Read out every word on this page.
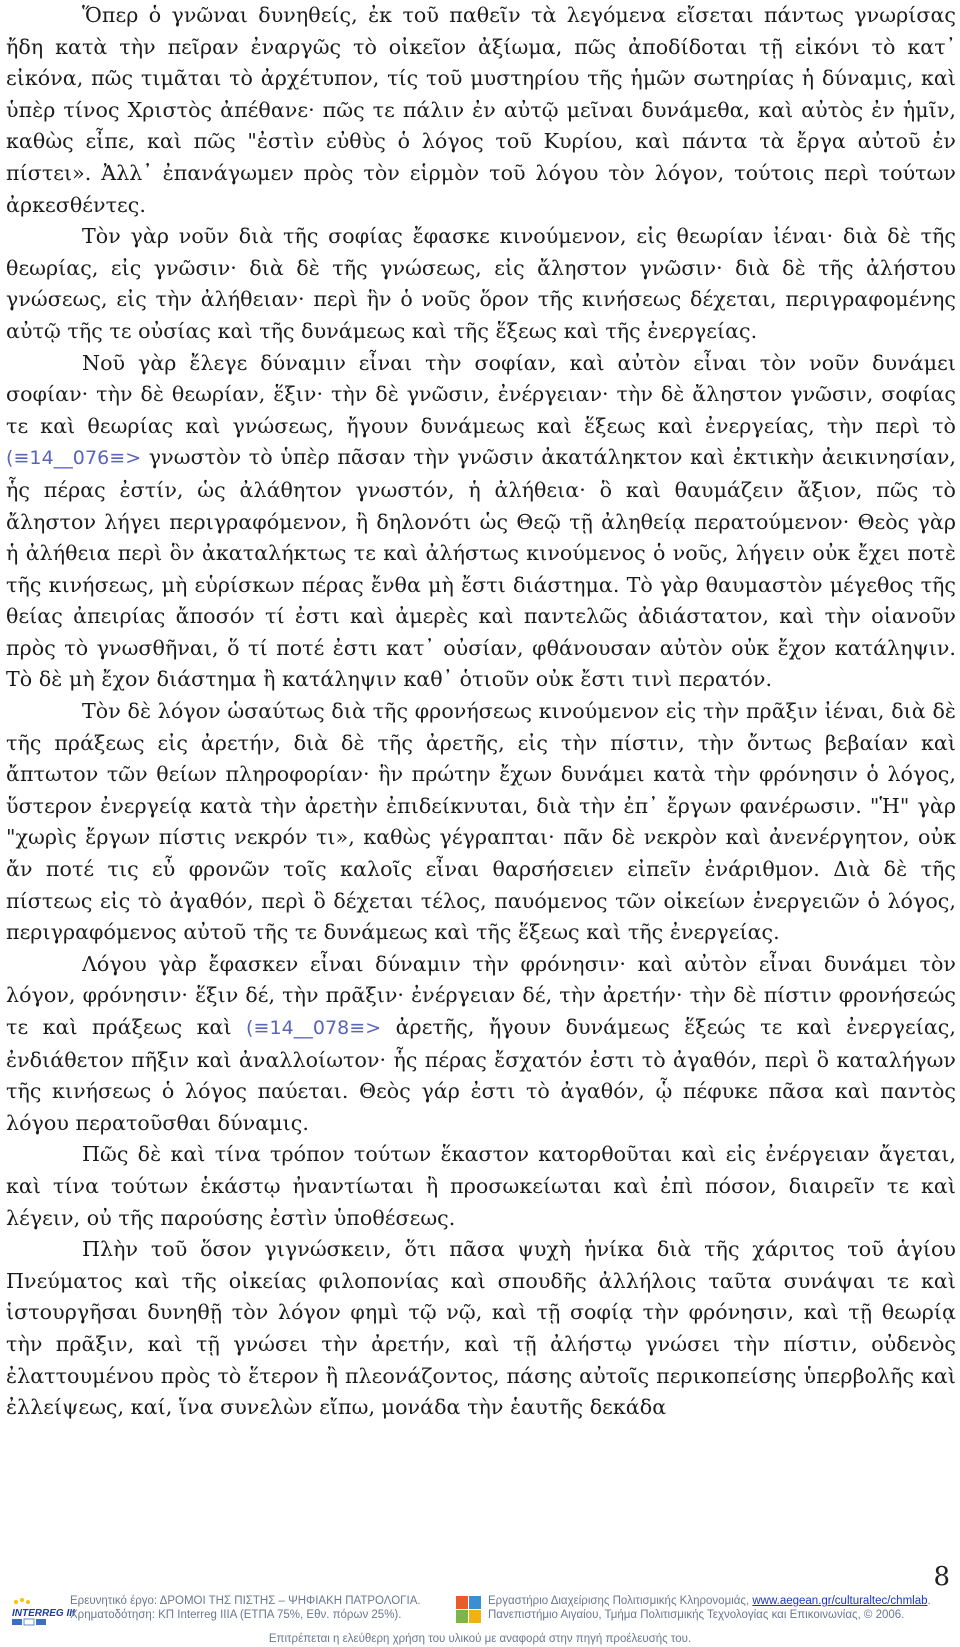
Ὅπερ ὁ γνῶναι δυνηθείς, ἐκ τοῦ παθεῖν τὰ λεγόμενα εἴσεται πάντως γνωρίσας ἤδη κατὰ τὴν πεῖραν ἐναργῶς τὸ οἰκεῖον ἀξίωμα, πῶς ἀποδίδοται τῇ εἰκόνι τὸ κατ᾽ εἰκόνα, πῶς τιμᾶται τὸ ἀρχέτυπον, τίς τοῦ μυστηρίου τῆς ἡμῶν σωτηρίας ἡ δύναμις, καὶ ὑπὲρ τίνος Χριστὸς ἀπέθανε· πῶς τε πάλιν ἐν αὐτῷ μεῖναι δυνάμεθα, καὶ αὐτὸς ἐν ἡμῖν, καθὼς εἶπε, καὶ πῶς "ἐστὶν εὐθὺς ὁ λόγος τοῦ Κυρίου, καὶ πάντα τὰ ἔργα αὐτοῦ ἐν πίστει». Ἀλλ᾽ ἐπανάγωμεν πρὸς τὸν εἱρμὸν τοῦ λόγου τὸν λόγον, τούτοις περὶ τούτων ἀρκεσθέντες.

Τὸν γὰρ νοῦν διὰ τῆς σοφίας ἔφασκε κινούμενον, εἰς θεωρίαν ἰέναι· διὰ δὲ τῆς θεωρίας, εἰς γνῶσιν· διὰ δὲ τῆς γνώσεως, εἰς ἄληστον γνῶσιν· διὰ δὲ τῆς ἀλήστου γνώσεως, εἰς τὴν ἀλήθειαν· περὶ ἣν ὁ νοῦς ὅρον τῆς κινήσεως δέχεται, περιγραφομένης αὐτῷ τῆς τε οὐσίας καὶ τῆς δυνάμεως καὶ τῆς ἕξεως καὶ τῆς ἐνεργείας.

Νοῦ γὰρ ἔλεγε δύναμιν εἶναι τὴν σοφίαν, καὶ αὐτὸν εἶναι τὸν νοῦν δυνάμει σοφίαν· τὴν δὲ θεωρίαν, ἕξιν· τὴν δὲ γνῶσιν, ἐνέργειαν· τὴν δὲ ἄληστον γνῶσιν, σοφίας τε καὶ θεωρίας καὶ γνώσεως, ἤγουν δυνάμεως καὶ ἕξεως καὶ ἐνεργείας, τὴν περὶ τὸ (≡14__076≡> γνωστὸν τὸ ὑπὲρ πᾶσαν τὴν γνῶσιν ἀκατάληκτον καὶ ἐκτικὴν ἀεικινησίαν, ἧς πέρας ἐστίν, ὡς ἀλάθητον γνωστόν, ἡ ἀλήθεια· ὃ καὶ θαυμάζειν ἄξιον, πῶς τὸ ἄληστον λήγει περιγραφόμενον, ἢ δηλονότι ὡς Θεῷ τῇ ἀληθείᾳ περατούμενον· Θεὸς γὰρ ἡ ἀλήθεια περὶ ὃν ἀκαταλήκτως τε καὶ ἀλήστως κινούμενος ὁ νοῦς, λήγειν οὐκ ἔχει ποτὲ τῆς κινήσεως, μὴ εὑρίσκων πέρας ἔνθα μὴ ἔστι διάστημα. Τὸ γὰρ θαυμαστὸν μέγεθος τῆς θείας ἀπειρίας ἄποσόν τί ἐστι καὶ ἀμερὲς καὶ παντελῶς ἀδιάστατον, καὶ τὴν οἱανοῦν πρὸς τὸ γνωσθῆναι, ὅ τί ποτέ ἐστι κατ᾽ οὐσίαν, φθάνουσαν αὐτὸν οὐκ ἔχον κατάληψιν. Τὸ δὲ μὴ ἔχον διάστημα ἢ κατάληψιν καθ᾽ ὁτιοῦν οὐκ ἔστι τινὶ περατόν.

Τὸν δὲ λόγον ὡσαύτως διὰ τῆς φρονήσεως κινούμενον εἰς τὴν πρᾶξιν ἰέναι, διὰ δὲ τῆς πράξεως εἰς ἀρετήν, διὰ δὲ τῆς ἀρετῆς, εἰς τὴν πίστιν, τὴν ὄντως βεβαίαν καὶ ἄπτωτον τῶν θείων πληροφορίαν· ἣν πρώτην ἔχων δυνάμει κατὰ τὴν φρόνησιν ὁ λόγος, ὕστερον ἐνεργείᾳ κατὰ τὴν ἀρετὴν ἐπιδείκνυται, διὰ τὴν ἐπ᾽ ἔργων φανέρωσιν. "Ἡ" γὰρ "χωρὶς ἔργων πίστις νεκρόν τι», καθὼς γέγραπται· πᾶν δὲ νεκρὸν καὶ ἀνενέργητον, οὐκ ἄν ποτέ τις εὖ φρονῶν τοῖς καλοῖς εἶναι θαρσήσειεν εἰπεῖν ἐνάριθμον. Διὰ δὲ τῆς πίστεως εἰς τὸ ἀγαθόν, περὶ ὃ δέχεται τέλος, παυόμενος τῶν οἰκείων ἐνεργειῶν ὁ λόγος, περιγραφόμενος αὐτοῦ τῆς τε δυνάμεως καὶ τῆς ἕξεως καὶ τῆς ἐνεργείας.

Λόγου γὰρ ἔφασκεν εἶναι δύναμιν τὴν φρόνησιν· καὶ αὐτὸν εἶναι δυνάμει τὸν λόγον, φρόνησιν· ἕξιν δέ, τὴν πρᾶξιν· ἐνέργειαν δέ, τὴν ἀρετήν· τὴν δὲ πίστιν φρονήσεώς τε καὶ πράξεως καὶ (≡14__078≡> ἀρετῆς, ἤγουν δυνάμεως ἕξεώς τε καὶ ἐνεργείας, ἐνδιάθετον πῆξιν καὶ ἀναλλοίωτον· ἧς πέρας ἔσχατόν ἐστι τὸ ἀγαθόν, περὶ ὃ καταλήγων τῆς κινήσεως ὁ λόγος παύεται. Θεὸς γάρ ἐστι τὸ ἀγαθόν, ᾧ πέφυκε πᾶσα καὶ παντὸς λόγου περατοῦσθαι δύναμις.

Πῶς δὲ καὶ τίνα τρόπον τούτων ἕκαστον κατορθοῦται καὶ εἰς ἐνέργειαν ἄγεται, καὶ τίνα τούτων ἑκάστῳ ἠναντίωται ἢ προσωκείωται καὶ ἐπὶ πόσον, διαιρεῖν τε καὶ λέγειν, οὐ τῆς παρούσης ἐστὶν ὑποθέσεως.

Πλὴν τοῦ ὅσον γιγνώσκειν, ὅτι πᾶσα ψυχὴ ἡνίκα διὰ τῆς χάριτος τοῦ ἁγίου Πνεύματος καὶ τῆς οἰκείας φιλοπονίας καὶ σπουδῆς ἀλλήλοις ταῦτα συνάψαι τε καὶ ἱστουργῆσαι δυνηθῇ τὸν λόγον φημὶ τῷ νῷ, καὶ τῇ σοφίᾳ τὴν φρόνησιν, καὶ τῇ θεωρίᾳ τὴν πρᾶξιν, καὶ τῇ γνώσει τὴν ἀρετήν, καὶ τῇ ἀλήστῳ γνώσει τὴν πίστιν, οὐδενὸς ἐλαττουμένου πρὸς τὸ ἕτερον ἢ πλεονάζοντος, πάσης αὐτοῖς περικοπείσης ὑπερβολῆς καὶ ἐλλείψεως, καί, ἵνα συνελὼν εἴπω, μονάδα τὴν ἑαυτῆς δεκάδα

8
INTERREG III
Ερευνητικό έργο: ΔΡΟΜΟΙ ΤΗΣ ΠΙΣΤΗΣ – ΨΗΦΙΑΚΗ ΠΑΤΡΟΛΟΓΙΑ.
Χρηματοδότηση: ΚΠ Interreg IIIA (ΕΤΠΑ 75%, Εθν. πόρων 25%).
Εργαστήριο Διαχείρισης Πολιτισμικής Κληρονομιάς, www.aegean.gr/culturaltec/chmlab.
Πανεπιστήμιο Αιγαίου, Τμήμα Πολιτισμικής Τεχνολογίας και Επικοινωνίας, © 2006.
Επιτρέπεται η ελεύθερη χρήση του υλικού με αναφορά στην πηγή προέλευσής του.
